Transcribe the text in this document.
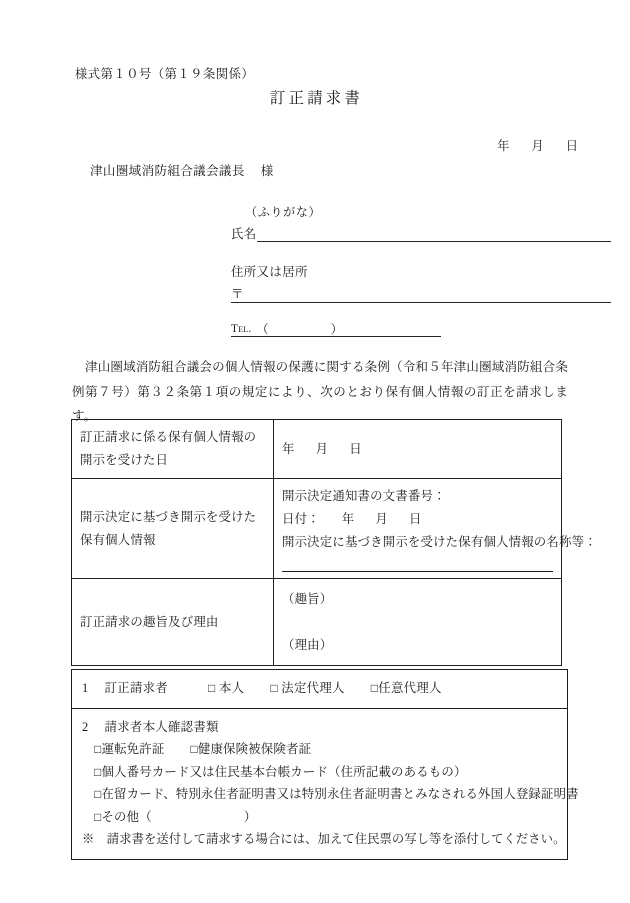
様式第１０号（第１９条関係）
訂正請求書
年 月 日
津山圏域消防組合議会議長 様
（ふりがな）
氏名
住所又は居所
〒
Tel. （	）
津山圏域消防組合議会の個人情報の保護に関する条例（令和５年津山圏域消防組合条例第７号）第３２条第１項の規定により、次のとおり保有個人情報の訂正を請求します。
訂正請求に係る保有個人情報の開示を受けた日	年 月 日
開示決定に基づき開示を受けた保有個人情報	開示決定通知書の文書番号：
日付： 年 月 日
開示決定に基づき開示を受けた保有個人情報の名称等：

訂正請求の趣旨及び理由	（趣旨）
（理由）
1 訂正請求者	□ 本人 □ 法定代理人 □任意代理人
2 請求者本人確認書類
□運転免許証 □健康保険被保険者証
□個人番号カード又は住民基本台帳カード（住所記載のあるもの）
□在留カード、特別永住者証明書又は特別永住者証明書とみなされる外国人登録証明書
□その他（	）
※　請求書を送付して請求する場合には、加えて住民票の写し等を添付してください。
